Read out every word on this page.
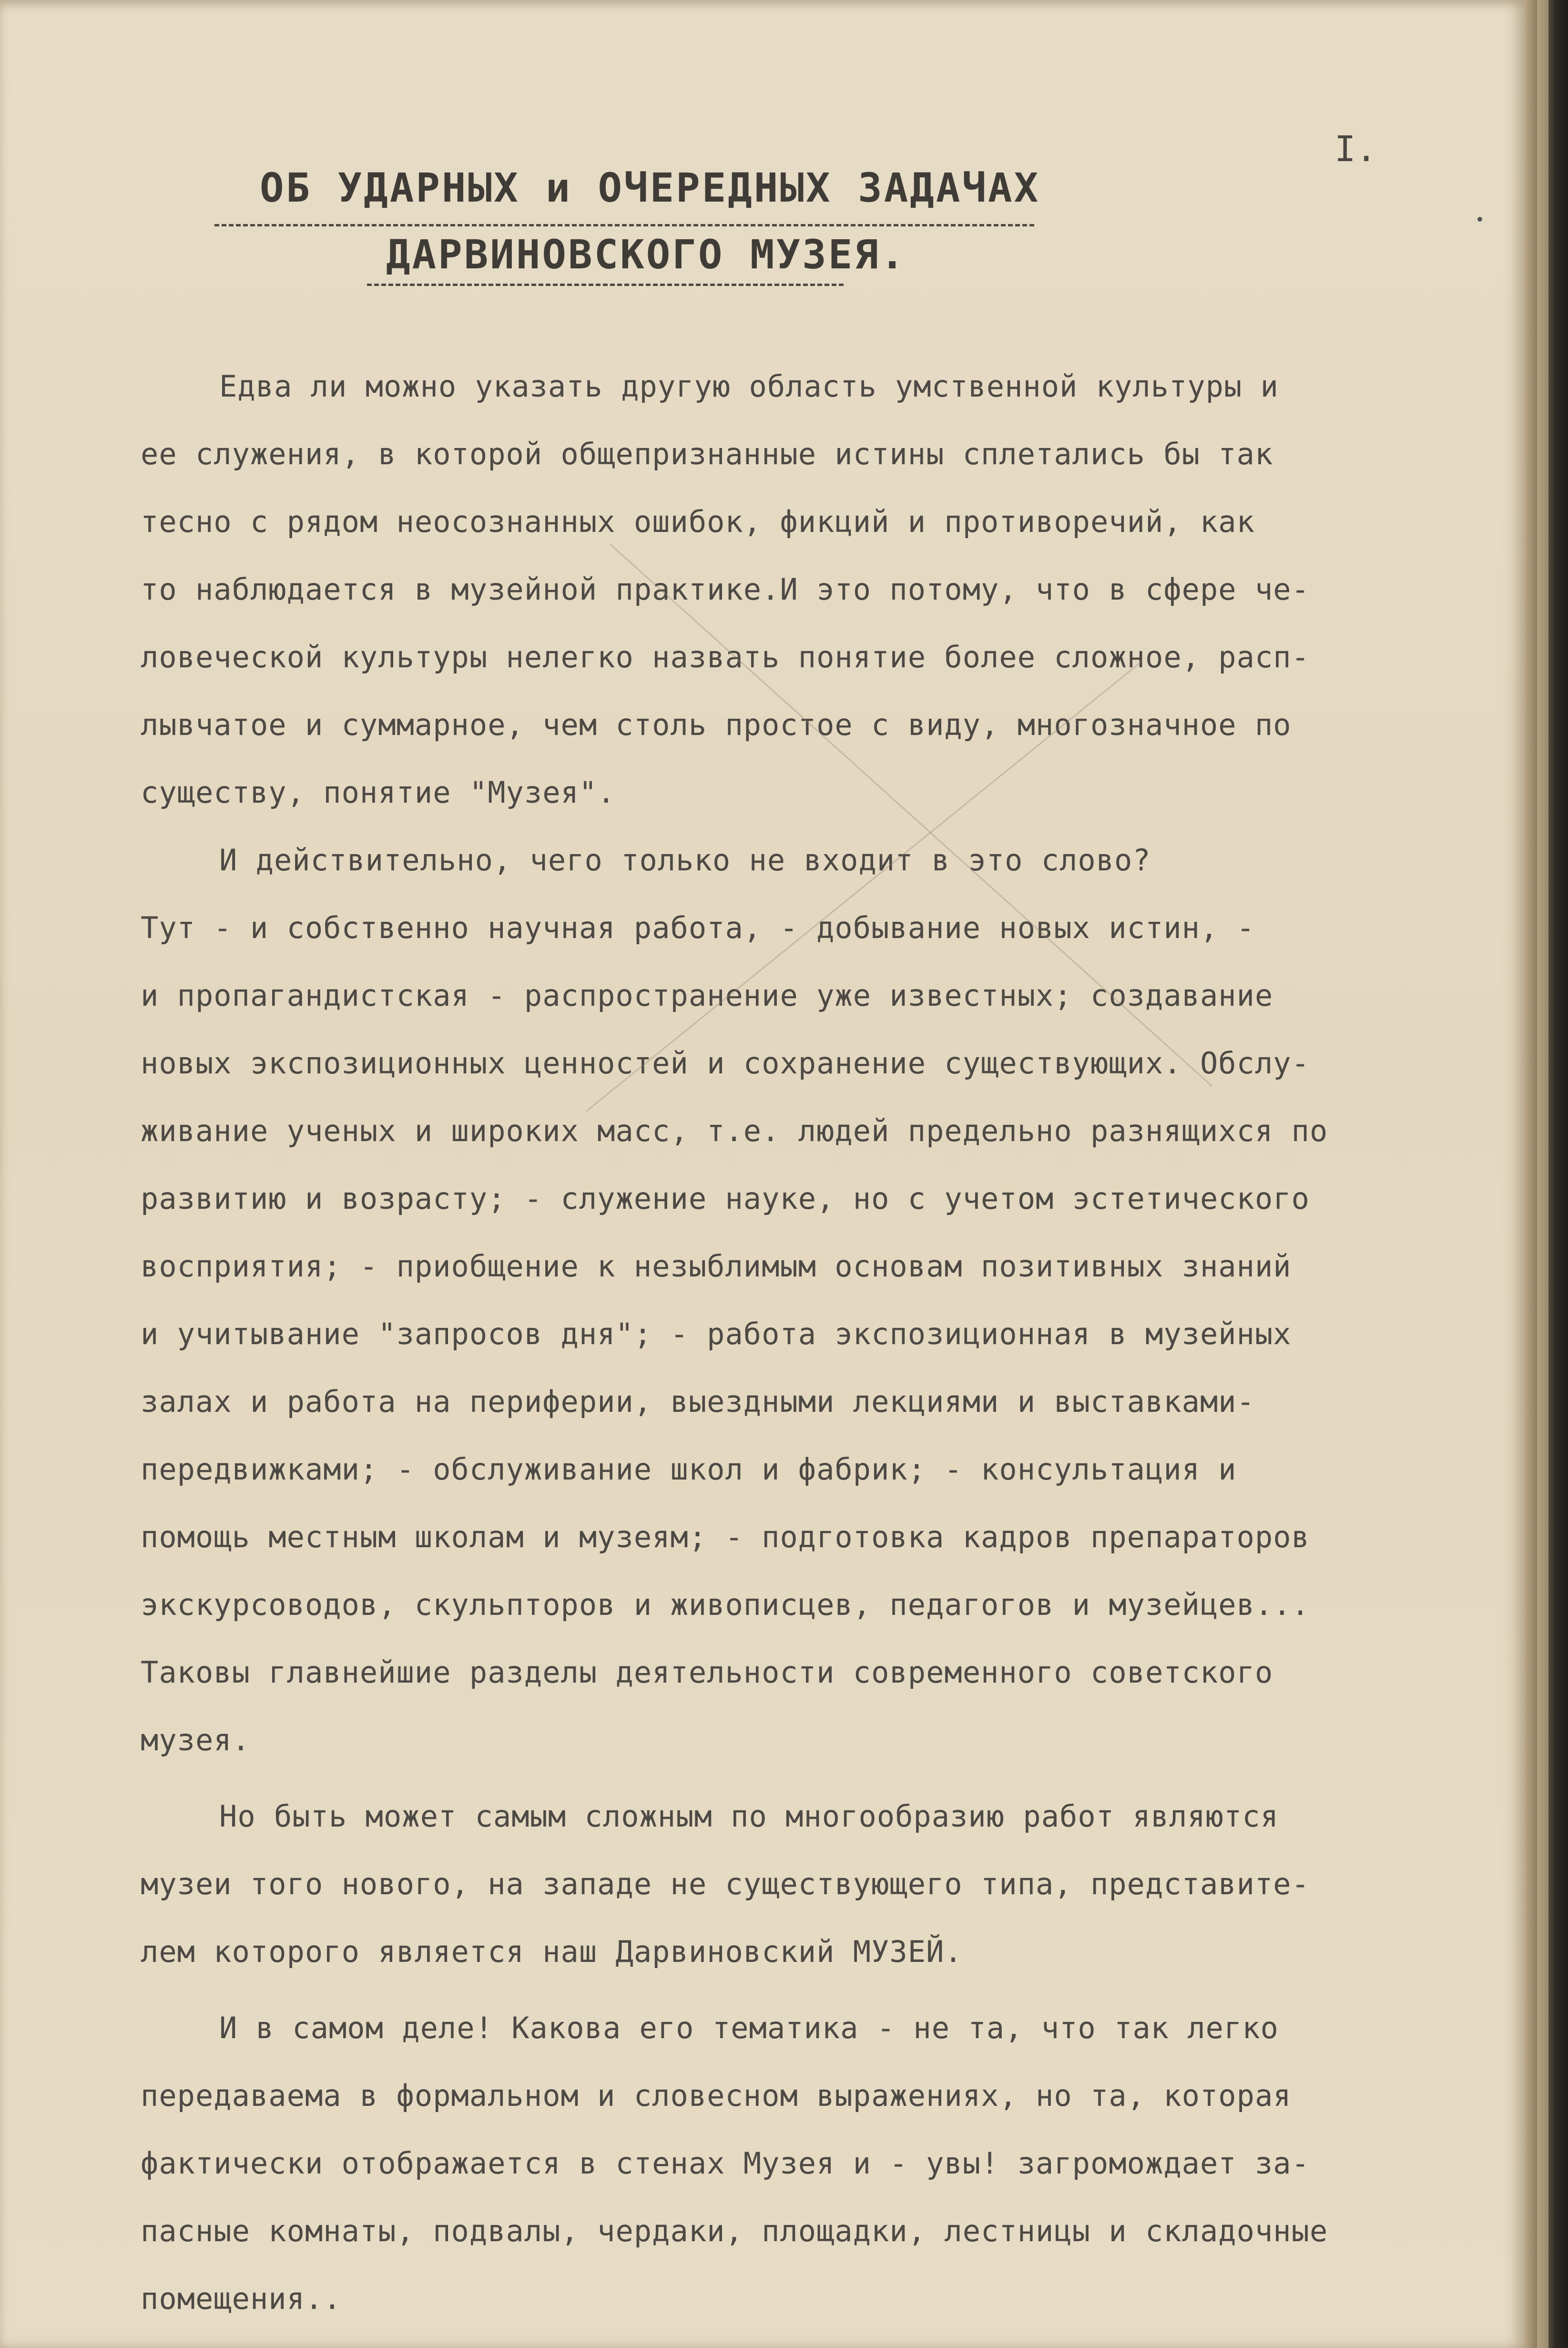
I.
ОБ УДАРНЫХ и ОЧЕРЕДНЫХ ЗАДАЧАХ
ДАРВИНОВСКОГО МУЗЕЯ.
Едва ли можно указать другую область умственной культуры и
ее служения, в которой общепризнанные истины сплетались бы так
тесно с рядом неосознанных ошибок, фикций и противоречий, как
то наблюдается в музейной практике.И это потому, что в сфере че-
ловеческой культуры нелегко назвать понятие более сложное, расп-
лывчатое и суммарное, чем столь простое с виду, многозначное по
существу, понятие "Музея".
И действительно, чего только не входит в это слово?
Тут - и собственно научная работа, - добывание новых истин, -
и пропагандистская - распространение уже известных; создавание
новых экспозиционных ценностей и сохранение существующих. Обслу-
живание ученых и широких масс, т.е. людей предельно разнящихся по
развитию и возрасту; - служение науке, но с учетом эстетического
восприятия; - приобщение к незыблимым основам позитивных знаний
и учитывание "запросов дня"; - работа экспозиционная в музейных
залах и работа на периферии, выездными лекциями и выставками-
передвижками; - обслуживание школ и фабрик; - консультация и
помощь местным школам и музеям; - подготовка кадров препараторов
экскурсоводов, скульпторов и живописцев, педагогов и музейцев...
Таковы главнейшие разделы деятельности современного советского
музея.
Но быть может самым сложным по многообразию работ являются
музеи того нового, на западе не существующего типа, представите-
лем которого является наш Дарвиновский МУЗЕЙ.
И в самом деле! Какова его тематика - не та, что так легко
передаваема в формальном и словесном выражениях, но та, которая
фактически отображается в стенах Музея и - увы! загромождает за-
пасные комнаты, подвалы, чердаки, площадки, лестницы и складочные
помещения..
